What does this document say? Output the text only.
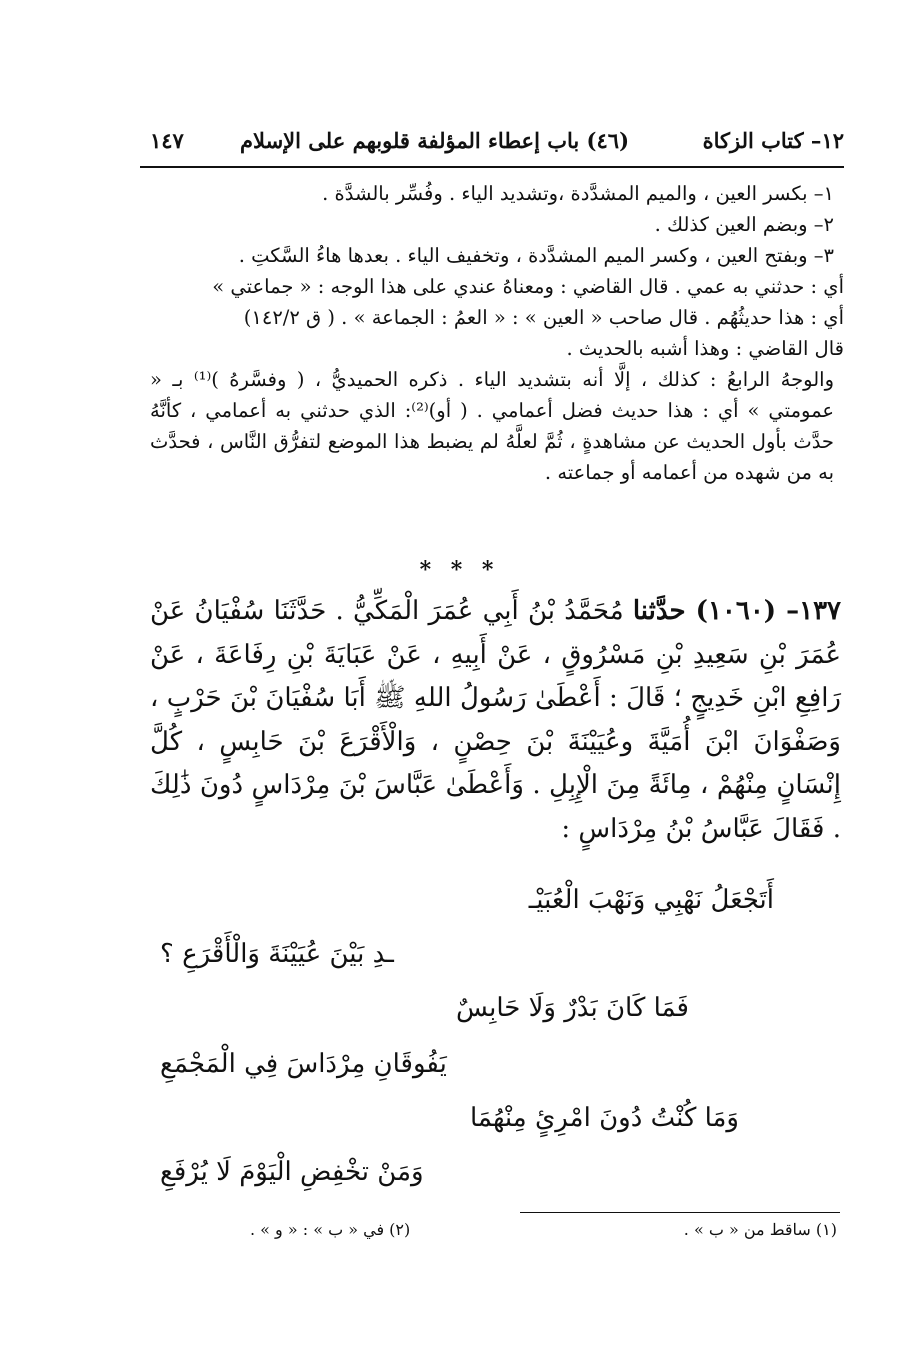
١٢– كتاب الزكاة
(٤٦) باب إعطاء المؤلفة قلوبهم على الإسلام
١٤٧

١– بكسر العين ، والميم المشدَّدة ،وتشديد الياء . وفُسِّر بالشدَّة .

٢– وبضم العين كذلك .

٣– وبفتح العين ، وكسر الميم المشدَّدة ، وتخفيف الياء . بعدها هاءُ السَّكتِ .

أي : حدثني به عمي . قال القاضي : ومعناهُ عندي على هذا الوجه : « جماعتي »

أي : هذا حديثُهُم . قال صاحب « العين » : « العمُ : الجماعة » . ( ق ١٤٢/٢)

قال القاضي : وهذا أشبه بالحديث .

والوجهُ الرابعُ : كذلك ، إلَّا أنه بتشديد الياء . ذكره الحميديُّ ، ( وفسَّرهُ )⁽¹⁾ بـ « عمومتي » أي : هذا حديث فضل أعمامي . ( أو)⁽²⁾: الذي حدثني به أعمامي ، كأنَّهُ حدَّث بأول الحديث عن مشاهدةٍ ، ثُمَّ لعلَّهُ لم يضبط هذا الموضع لتفرُّق النَّاس ، فحدَّث به من شهده من أعمامه أو جماعته .

* * *

١٣٧– (١٠٦٠) حدَّثنا مُحَمَّدُ بْنُ أَبِي عُمَرَ الْمَكِّيُّ . حَدَّثَنَا سُفْيَانُ عَنْ عُمَرَ بْنِ سَعِيدِ بْنِ مَسْرُوقٍ ، عَنْ أَبِيهِ ، عَنْ عَبَايَةَ بْنِ رِفَاعَةَ ، عَنْ رَافِعِ ابْنِ خَدِيجٍ ؛ قَالَ : أَعْطَىٰ رَسُولُ اللهِ ﷺ أَبَا سُفْيَانَ بْنَ حَرْبٍ ، وَصَفْوَانَ ابْنَ أُمَيَّةَ وعُيَيْنَةَ بْنَ حِصْنٍ ، وَالْأَقْرَعَ بْنَ حَابِسٍ ، كُلَّ إِنْسَانٍ مِنْهُمْ ، مِائَةً مِنَ الْإِبِلِ . وَأَعْطَىٰ عَبَّاسَ بْنَ مِرْدَاسٍ دُونَ ذَٰلِكَ . فَقَالَ عَبَّاسُ بْنُ مِرْدَاسٍ :

أَتَجْعَلُ نَهْبِي وَنَهْبَ الْعُبَيْـ
ـدِ بَيْنَ عُيَيْنَةَ وَالْأَقْرَعِ ؟
فَمَا كَانَ بَدْرٌ وَلَا حَابِسٌ
يَفُوقَانِ مِرْدَاسَ فِي الْمَجْمَعِ
وَمَا كُنْتُ دُونَ امْرِئٍ مِنْهُمَا
وَمَنْ تخْفِضِ الْيَوْمَ لَا يُرْفَعِ
(١) ساقط من « ب » .
(٢) في « ب » : « و » .
